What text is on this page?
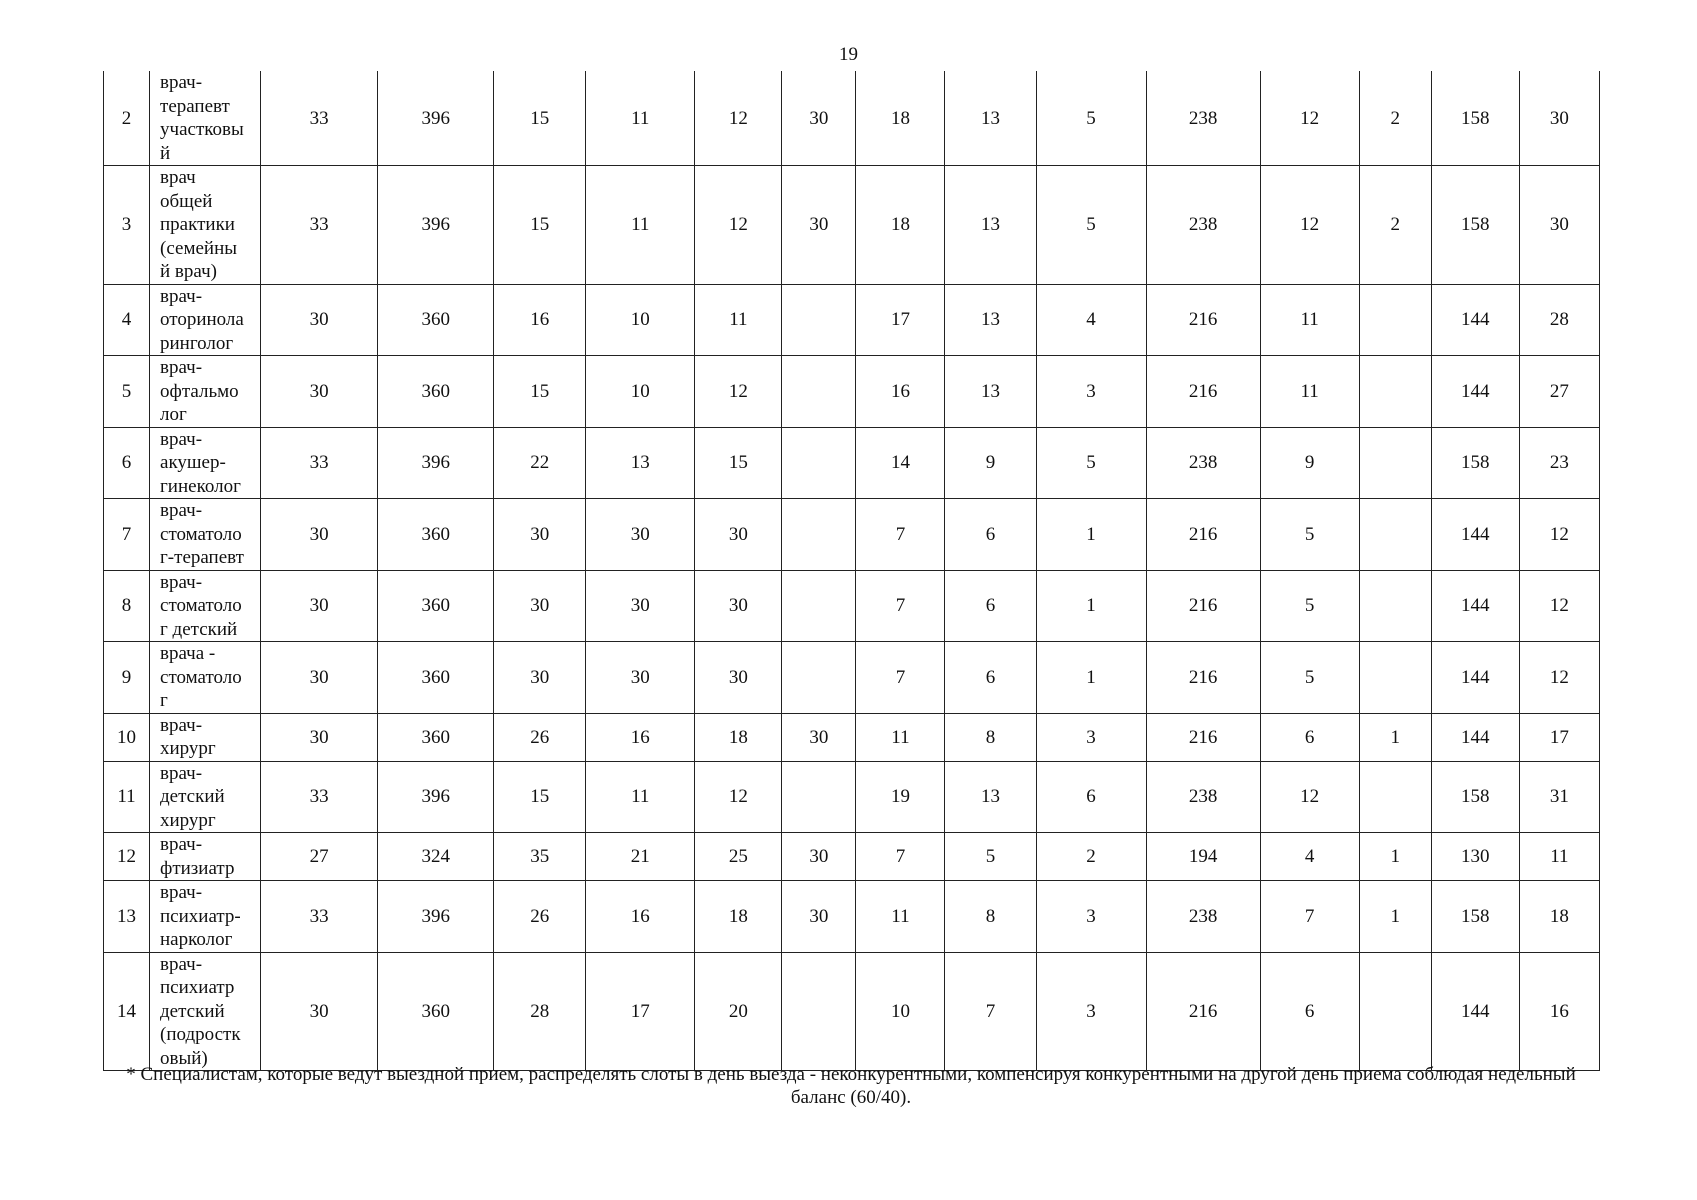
19
2	врач-
терапевт
участковы
й	33	396	15	11	12	30	18	13	5	238	12	2	158	30
3	врач
общей
практики
(семейны
й врач)	33	396	15	11	12	30	18	13	5	238	12	2	158	30
4	врач-
оторинола
ринголог	30	360	16	10	11		17	13	4	216	11		144	28
5	врач-
офтальмо
лог	30	360	15	10	12		16	13	3	216	11		144	27
6	врач-
акушер-
гинеколог	33	396	22	13	15		14	9	5	238	9		158	23
7	врач-
стоматоло
г-терапевт	30	360	30	30	30		7	6	1	216	5		144	12
8	врач-
стоматоло
г детский	30	360	30	30	30		7	6	1	216	5		144	12
9	врача -
стоматоло
г	30	360	30	30	30		7	6	1	216	5		144	12
10	врач-
хирург	30	360	26	16	18	30	11	8	3	216	6	1	144	17
11	врач-
детский
хирург	33	396	15	11	12		19	13	6	238	12		158	31
12	врач-
фтизиатр	27	324	35	21	25	30	7	5	2	194	4	1	130	11
13	врач-
психиатр-
нарколог	33	396	26	16	18	30	11	8	3	238	7	1	158	18
14	врач-
психиатр
детский
(подростк
овый)	30	360	28	17	20		10	7	3	216	6		144	16
* Специалистам, которые ведут выездной прием, распределять слоты в день выезда - неконкурентными, компенсируя конкурентными на другой день приема соблюдая недельный баланс (60/40).
